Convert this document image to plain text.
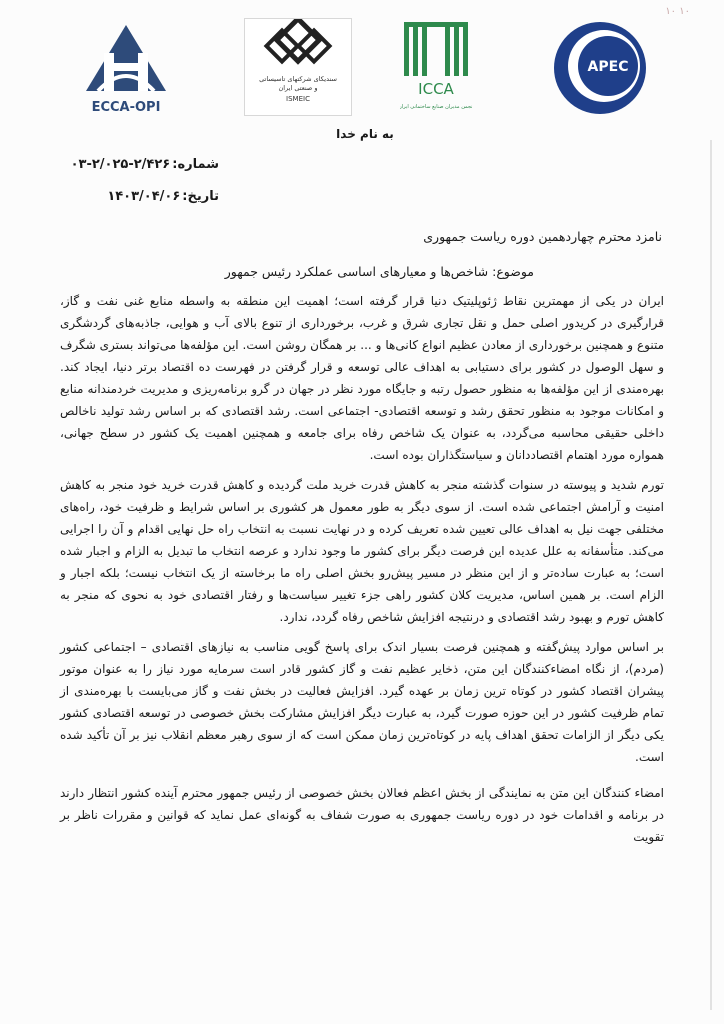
۱۰ ۱۰
ECCA-OPI
سندیکای شرکتهای تاسیساتی
و صنعتی ایران
ISMEIC
ICCA
انجمن مدیران صنایع ساختمانی ایران
APEC
به نام خدا
شماره:۲/۴۲۶-۲/۰۲۵-۰۳
تاریخ:۱۴۰۳/۰۴/۰۶
نامزد محترم چهاردهمین دوره ریاست جمهوری
موضوع: شاخص‌ها و معیارهای اساسی عملکرد رئیس جمهور

ایران در یکی از مهمترین نقاط ژئوپلیتیک دنیا قرار گرفته است؛ اهمیت این منطقه به واسطه منابع غنی نفت و گاز، قرارگیری در کریدور اصلی حمل و نقل تجاری شرق و غرب، برخورداری از تنوع بالای آب و هوایی، جاذبه‌های گردشگری متنوع و همچنین برخورداری از معادن عظیم انواع کانی‌ها و ... بر همگان روشن است. این مؤلفه‌ها می‌تواند بستری شگرف و سهل الوصول در کشور برای دستیابی به اهداف عالی توسعه و قرار گرفتن در فهرست ده اقتصاد برتر دنیا، ایجاد کند. بهره‌مندی از این مؤلفه‌ها به منظور حصول رتبه و جایگاه مورد نظر در جهان در گرو برنامه‌ریزی و مدیریت خردمندانه منابع و امکانات موجود به منظور تحقق رشد و توسعه اقتصادی- اجتماعی است. رشد اقتصادی که بر اساس رشد تولید ناخالص داخلی حقیقی محاسبه می‌گردد، به عنوان یک شاخص رفاه برای جامعه و همچنین اهمیت یک کشور در سطح جهانی، همواره مورد اهتمام اقتصاددانان و سیاستگذاران بوده است.

تورم شدید و پیوسته در سنوات گذشته منجر به کاهش قدرت خرید ملت گردیده و کاهش قدرت خرید خود منجر به کاهش امنیت و آرامش اجتماعی شده است. از سوی دیگر به طور معمول هر کشوری بر اساس شرایط و ظرفیت خود، راه‌های مختلفی جهت نیل به اهداف عالی تعیین شده تعریف کرده و در نهایت نسبت به انتخاب راه حل نهایی اقدام و آن را اجرایی می‌کند. متأسفانه به علل عدیده این فرصت دیگر برای کشور ما وجود ندارد و عرصه انتخاب ما تبدیل به الزام و اجبار شده است؛ به عبارت ساده‌تر و از این منظر در مسیر پیش‌رو بخش اصلی راه ما برخاسته از یک انتخاب نیست؛ بلکه اجبار و الزام است. بر همین اساس، مدیریت کلان کشور راهی جزء تغییر سیاست‌ها و رفتار اقتصادی خود به نحوی که منجر به کاهش تورم و بهبود رشد اقتصادی و درنتیجه افزایش شاخص رفاه گردد، ندارد.

بر اساس موارد پیش‌گفته و همچنین فرصت بسیار اندک برای پاسخ گویی مناسب به نیازهای اقتصادی – اجتماعی کشور (مردم)، از نگاه امضاءکنندگان این متن، ذخایر عظیم نفت و گاز کشور قادر است سرمایه مورد نیاز را به عنوان موتور پیشران اقتصاد کشور در کوتاه ترین زمان بر عهده گیرد. افزایش فعالیت در بخش نفت و گاز می‌بایست با بهره‌مندی از تمام ظرفیت کشور در این حوزه صورت گیرد، به عبارت دیگر افزایش مشارکت بخش خصوصی در توسعه اقتصادی کشور یکی دیگر از الزامات تحقق اهداف پایه در کوتاه‌ترین زمان ممکن است که از سوی رهبر معظم انقلاب نیز بر آن تأکید شده است.

امضاء کنندگان این متن به نمایندگی از بخش اعظم فعالان بخش خصوصی از رئیس جمهور محترم آینده کشور انتظار دارند در برنامه و اقدامات خود در دوره ریاست جمهوری به صورت شفاف به گونه‌ای عمل نماید که قوانین و مقررات ناظر بر تقویت
